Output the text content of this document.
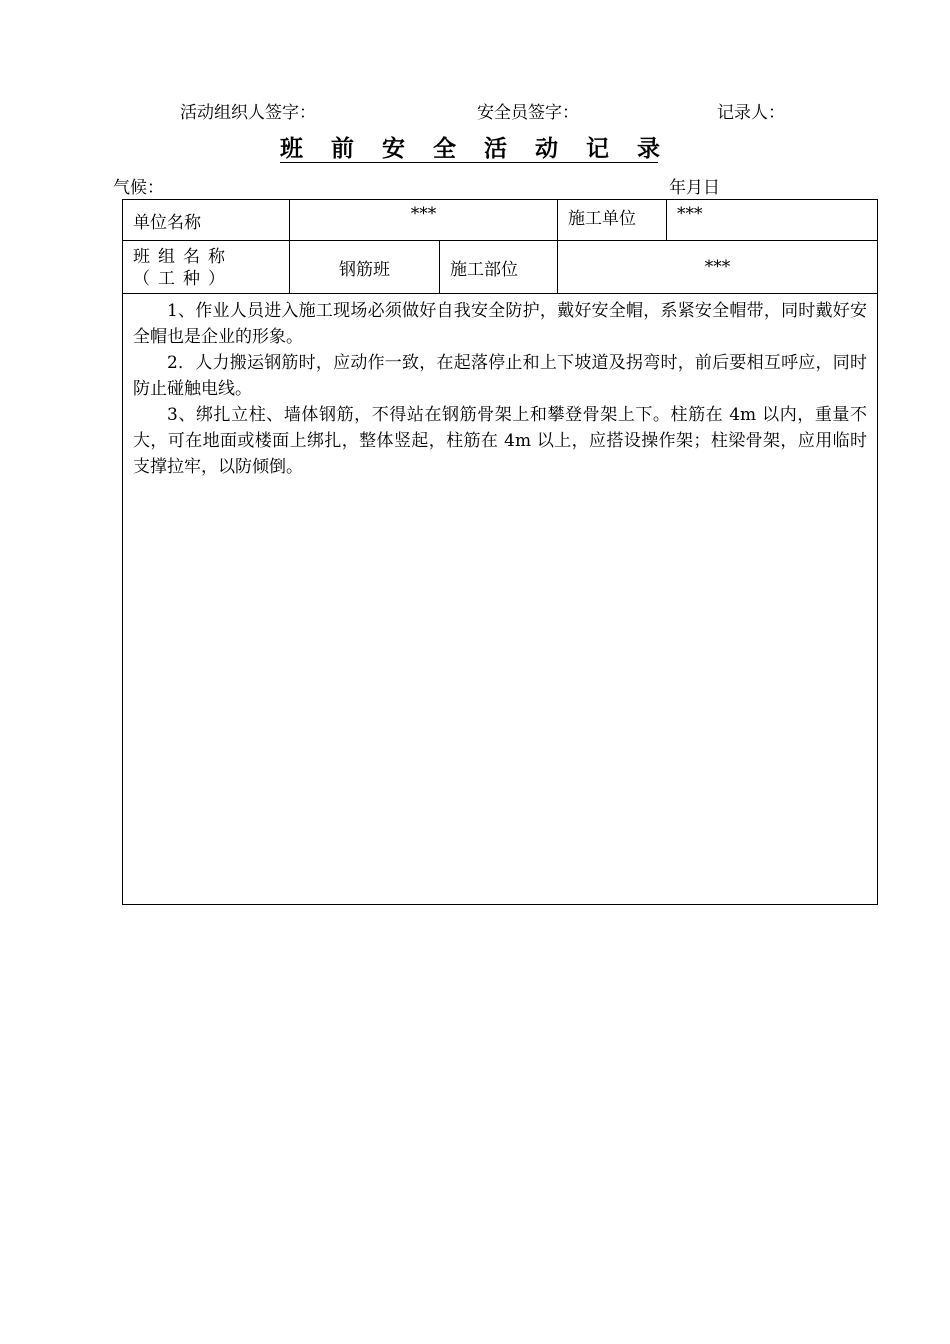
活动组织人签字：	安全员签字：	记录人：
班 前 安 全 活 动 记 录
气候：	年月日
单位名称	***		施工单位	***
班组名称（工种）	钢筋班	施工部位	***	

1、作业人员进入施工现场必须做好自我安全防护，戴好安全帽，系紧安全帽带，同时戴好安全帽也是企业的形象。

2．人力搬运钢筋时，应动作一致，在起落停止和上下坡道及拐弯时，前后要相互呼应，同时防止碰触电线。

3、绑扎立柱、墙体钢筋，不得站在钢筋骨架上和攀登骨架上下。柱筋在 4m 以内，重量不大，可在地面或楼面上绑扎，整体竖起，柱筋在 4m 以上，应搭设操作架；柱梁骨架，应用临时支撑拉牢，以防倾倒。				
